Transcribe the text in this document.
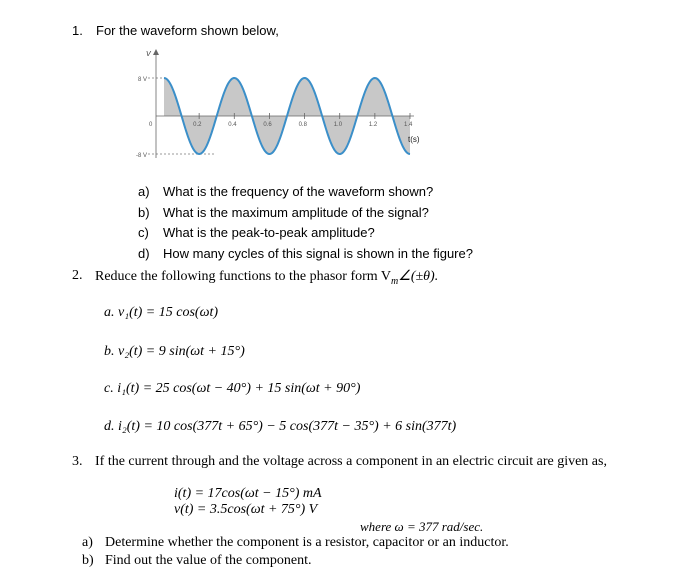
1. For the waveform shown below,
0.2	0.4	0.6	0.8	1.0	1.2	1.4
V
8 V
-8 V
0
t(s)
a) What is the frequency of the waveform shown?
b) What is the maximum amplitude of the signal?
c) What is the peak-to-peak amplitude?
d) How many cycles of this signal is shown in the figure?
2. Reduce the following functions to the phasor form $V_m\angle(\pm\theta)$.
a. v₁(t) = 15 cos(ωt)
b. v₂(t) = 9 sin(ωt + 15°)
c. i₁(t) = 25 cos(ωt − 40°) + 15 sin(ωt + 90°)
d. i₂(t) = 10 cos(377t + 65°) − 5 cos(377t − 35°) + 6 sin(377t)
3. If the current through and the voltage across a component in an electric circuit are given as,
i(t) = 17cos(ωt − 15°) mA
v(t) = 3.5cos(ωt + 75°) V
where ω = 377 rad/sec.
a) Determine whether the component is a resistor, capacitor or an inductor.
b) Find out the value of the component.
